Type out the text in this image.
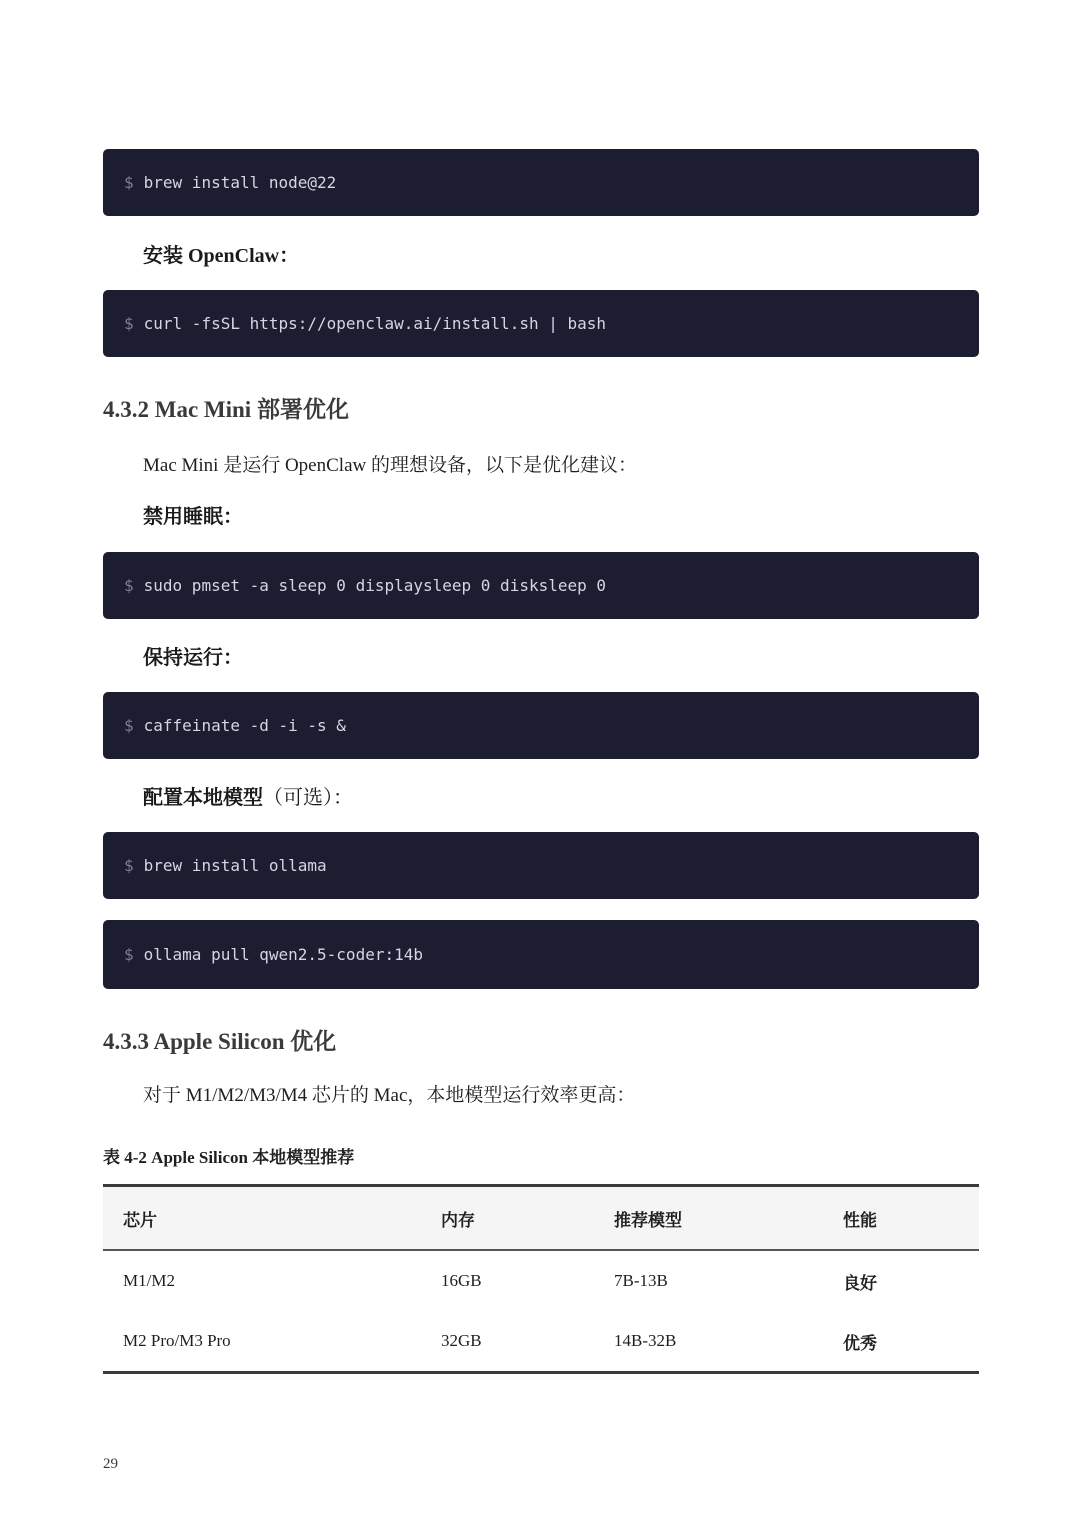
$ brew install node@22
安装 OpenClaw：
$ curl -fsSL https://openclaw.ai/install.sh | bash
4.3.2 Mac Mini 部署优化
Mac Mini 是运行 OpenClaw 的理想设备，以下是优化建议：
禁用睡眠：
$ sudo pmset -a sleep 0 displaysleep 0 disksleep 0
保持运行：
$ caffeinate -d -i -s &
配置本地模型（可选）：
$ brew install ollama
$ ollama pull qwen2.5-coder:14b
4.3.3 Apple Silicon 优化
对于 M1/M2/M3/M4 芯片的 Mac，本地模型运行效率更高：
表 4-2 Apple Silicon 本地模型推荐
芯片	内存	推荐模型	性能
M1/M2	16GB	7B-13B	良好
M2 Pro/M3 Pro	32GB	14B-32B	优秀
29
